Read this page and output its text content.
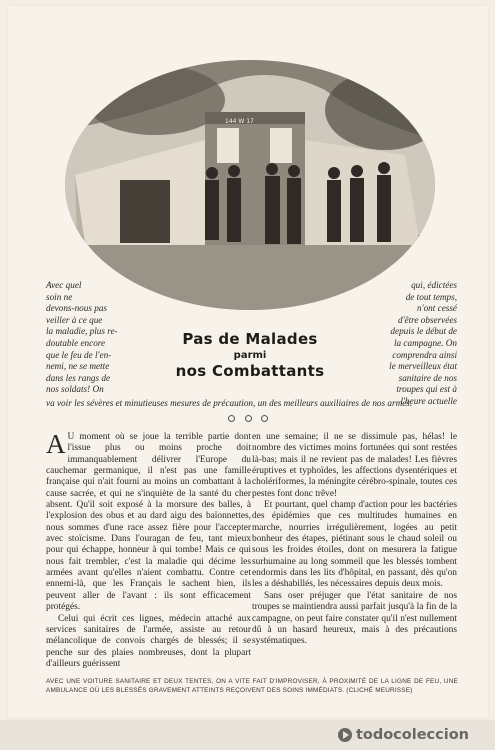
144 W 17
Avec quel
soin ne
devons-nous pas
veiller à ce que
la maladie, plus re-
doutable encore
que le feu de l'en-
nemi, ne se mette
dans les rangs de
nos soldats! On
qui, édictées
de tout temps,
n'ont cessé
d'être observées
depuis le début de
la campagne. On
comprendra ainsi
le merveilleux état
sanitaire de nos
troupes qui est à
l'heure actuelle
va voir les sévères et minutieuses mesures de précaution, un des meilleurs auxiliaires de nos armes.
Pas de Malades
parmi
nos Combattants

A U moment où se joue la terrible partie dont l'issue plus ou moins proche doit immanquablement délivrer l'Europe du cauchemar germanique, il n'est pas une famille française qui n'ait fourni au moins un combattant à la cause sacrée, et qui ne s'inquiète de la santé du cher absent. Qu'il soit exposé à la morsure des balles, à l'explosion des obus et au dard aigu des baïonnettes, nous sommes d'une race assez fière pour l'accepter avec stoïcisme. Dans l'ouragan de feu, tant mieux pour qui échappe, honneur à qui tombe! Mais ce qui nous fait trembler, c'est la maladie qui décime les armées avant qu'elles n'aient combattu. Contre cet ennemi-là, que les Français le sachent bien, ils peuvent aller de l'avant : ils sont efficacement protégés.

Celui qui écrit ces lignes, médecin attaché aux services sanitaires de l'armée, assiste au retour mélancolique de convois chargés de blessés; il se penche sur des plaies nombreuses, dont la plupart d'ailleurs guérissent

en une semaine; il ne se dissimule pas, hélas! le nombre des victimes moins fortunées qui sont restées là-bas; mais il ne revient pas de malades! Les fièvres éruptives et typhoïdes, les affections dysentériques et cholériformes, la méningite cérébro-spinale, toutes ces pestes font donc trêve!

Et pourtant, quel champ d'action pour les bactéries des épidémies que ces multitudes humaines en marche, nourries irrégulièrement, logées au petit bonheur des étapes, piétinant sous le chaud soleil ou sous les froides étoiles, dont on mesurera la fatigue surhumaine au long sommeil que les blessés tombent endormis dans les lits d'hôpital, en passant, dès qu'on les a déshabillés, les nécessaires depuis deux mois.

Sans oser préjuger que l'état sanitaire de nos troupes se maintiendra aussi parfait jusqu'à la fin de la campagne, on peut faire constater qu'il n'est nullement dû à un hasard heureux, mais à des précautions systématiques.

AVEC UNE VOITURE SANITAIRE ET DEUX TENTES, ON A VITE FAIT D'IMPROVISER, À PROXIMITÉ DE LA LIGNE DE FEU, UNE AMBULANCE OÙ LES BLESSÉS GRAVEMENT ATTEINTS REÇOIVENT DES SOINS IMMÉDIATS. (CLICHÉ MEURISSE)
todocoleccion
